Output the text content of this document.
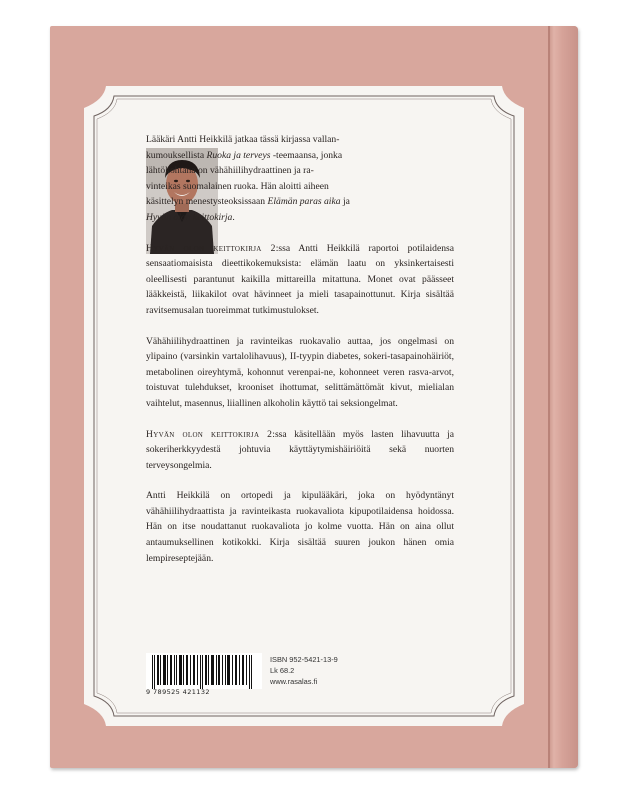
Lääkäri Antti Heikkilä jatkaa tässä kirjassa vallan-
kumouksellista Ruoka ja terveys -teemaansa, jonka
lähtökohtana on vähähiilihydraattinen ja ra-
vinteikas suomalainen ruoka. Hän aloitti aiheen
käsittelyn menestysteoksissaan Elämän paras aika ja
Hyvän olon keittokirja.

Hyvän olon keittokirja 2:ssa Antti Heikkilä raportoi potilaidensa sensaatiomaisista dieettikokemuksista: elämän laatu on yksinkertaisesti oleellisesti parantunut kaikilla mittareilla mitattuna. Monet ovat päässeet lääkkeistä, liikakilot ovat hävinneet ja mieli tasapainottunut. Kirja sisältää ravitsemusalan tuoreimmat tutkimustulokset.

Vähähiilihydraattinen ja ravinteikas ruokavalio auttaa, jos ongelmasi on ylipaino (varsinkin vartalolihavuus), II-tyypin diabetes, sokeri-tasapainohäiriöt, metabolinen oireyhtymä, kohonnut verenpai-ne, kohonneet veren rasva-arvot, toistuvat tulehdukset, krooniset ihottumat, selittämättömät kivut, mielialan vaihtelut, masennus, liiallinen alkoholin käyttö tai seksiongelmat.

Hyvän olon keittokirja 2:ssa käsitellään myös lasten lihavuutta ja sokeriherkkyydestä johtuvia käyttäytymishäiriöitä sekä nuorten terveysongelmia.

Antti Heikkilä on ortopedi ja kipulääkäri, joka on hyödyntänyt vähähiilihydraattista ja ravinteikasta ruokavaliota kipupotilaidensa hoidossa. Hän on itse noudattanut ruokavaliota jo kolme vuotta. Hän on aina ollut antaumuksellinen kotikokki. Kirja sisältää suuren joukon hänen omia lempireseptejään.

9 789525 421132
ISBN 952-5421-13-9
Lk 68.2
www.rasalas.fi
